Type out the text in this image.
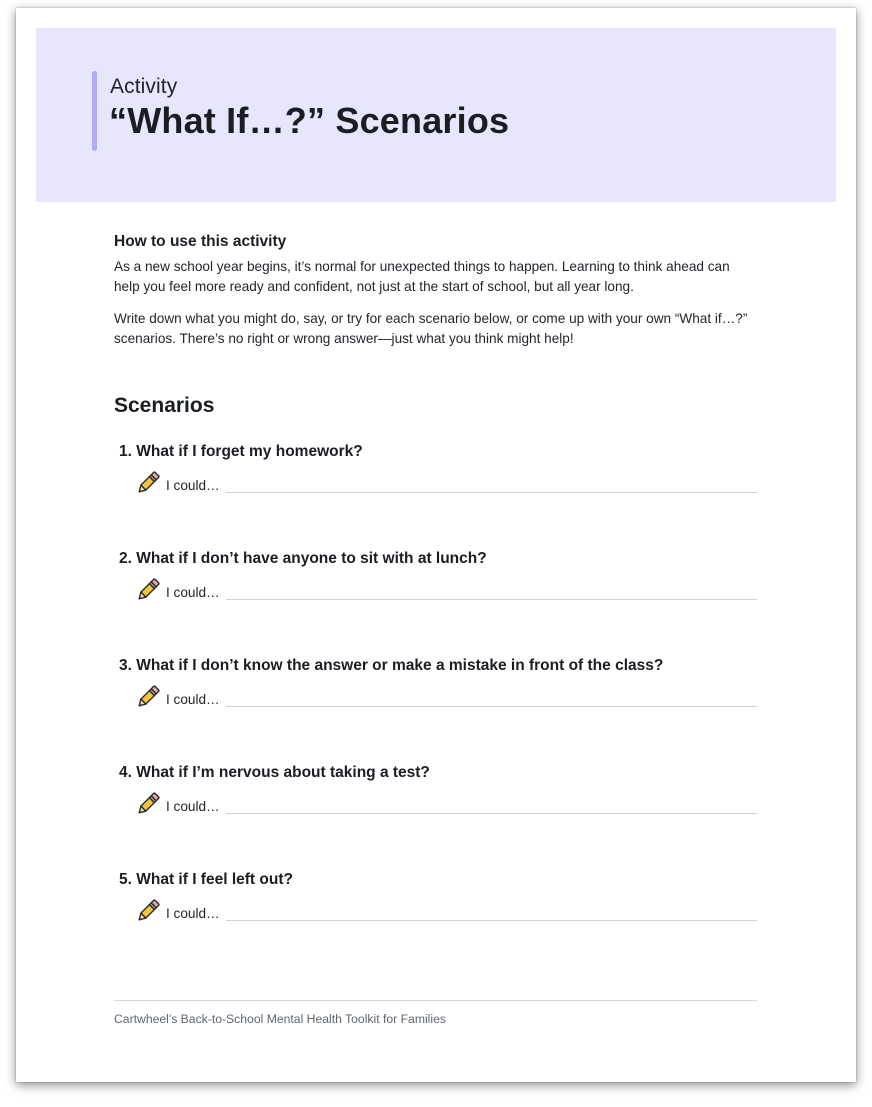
Activity
“What If…?” Scenarios
How to use this activity
As a new school year begins, it’s normal for unexpected things to happen. Learning to think ahead can help you feel more ready and confident, not just at the start of school, but all year long.
Write down what you might do, say, or try for each scenario below, or come up with your own “What if…?” scenarios. There’s no right or wrong answer—just what you think might help!
Scenarios
1. What if I forget my homework?
I could…
2. What if I don’t have anyone to sit with at lunch?
I could…
3. What if I don’t know the answer or make a mistake in front of the class?
I could…
4. What if I’m nervous about taking a test?
I could…
5. What if I feel left out?
I could…
Cartwheel's Back-to-School Mental Health Toolkit for Families
